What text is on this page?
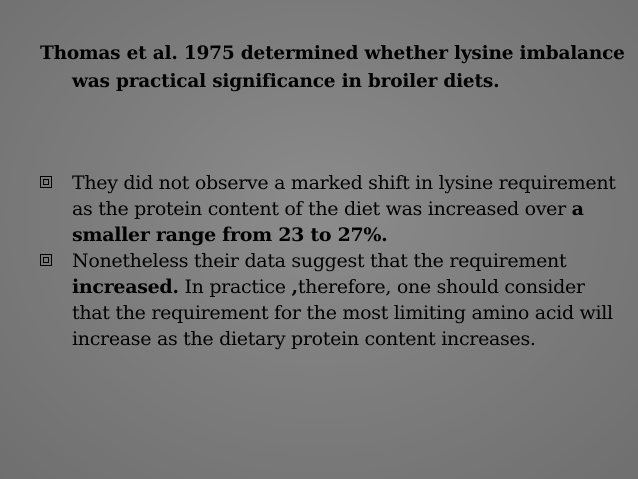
Thomas et al. 1975 determined whether lysine imbalance was practical significance in broiler diets.
They did not observe a marked shift in lysine requirement as the protein content of the diet was increased over a smaller range from 23 to 27%.
Nonetheless their data suggest that the requirement increased. In practice ,therefore, one should consider that the requirement for the most limiting amino acid will increase as the dietary protein content increases.
